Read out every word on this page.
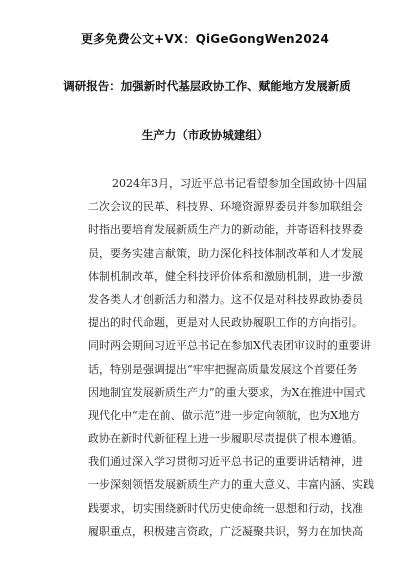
更多免费公文+VX：QiGeGongWen2024
调研报告：加强新时代基层政协工作、赋能地方发展新质
生产力（市政协城建组）
2024年3月，习近平总书记看望参加全国政协十四届
二次会议的民革、科技界、环境资源界委员并参加联组会
时指出要培育发展新质生产力的新动能，并寄语科技界委
员，要务实建言献策，助力深化科技体制改革和人才发展
体制机制改革，健全科技评价体系和激励机制，进一步激
发各类人才创新活力和潜力。这不仅是对科技界政协委员
提出的时代命题，更是对人民政协履职工作的方向指引。
同时两会期间习近平总书记在参加X代表团审议时的重要讲
话，特别是强调提出“牢牢把握高质量发展这个首要任务
因地制宜发展新质生产力”的重大要求，为X在推进中国式
现代化中“走在前、做示范”进一步定向领航，也为X地方
政协在新时代新征程上进一步履职尽责提供了根本遵循。
我们通过深入学习贯彻习近平总书记的重要讲话精神，进
一步深刻领悟发展新质生产力的重大意义、丰富内涵、实践
践要求，切实围绕新时代历史使命统一思想和行动，找准
履职重点，积极建言资政，广泛凝聚共识，努力在加快高
